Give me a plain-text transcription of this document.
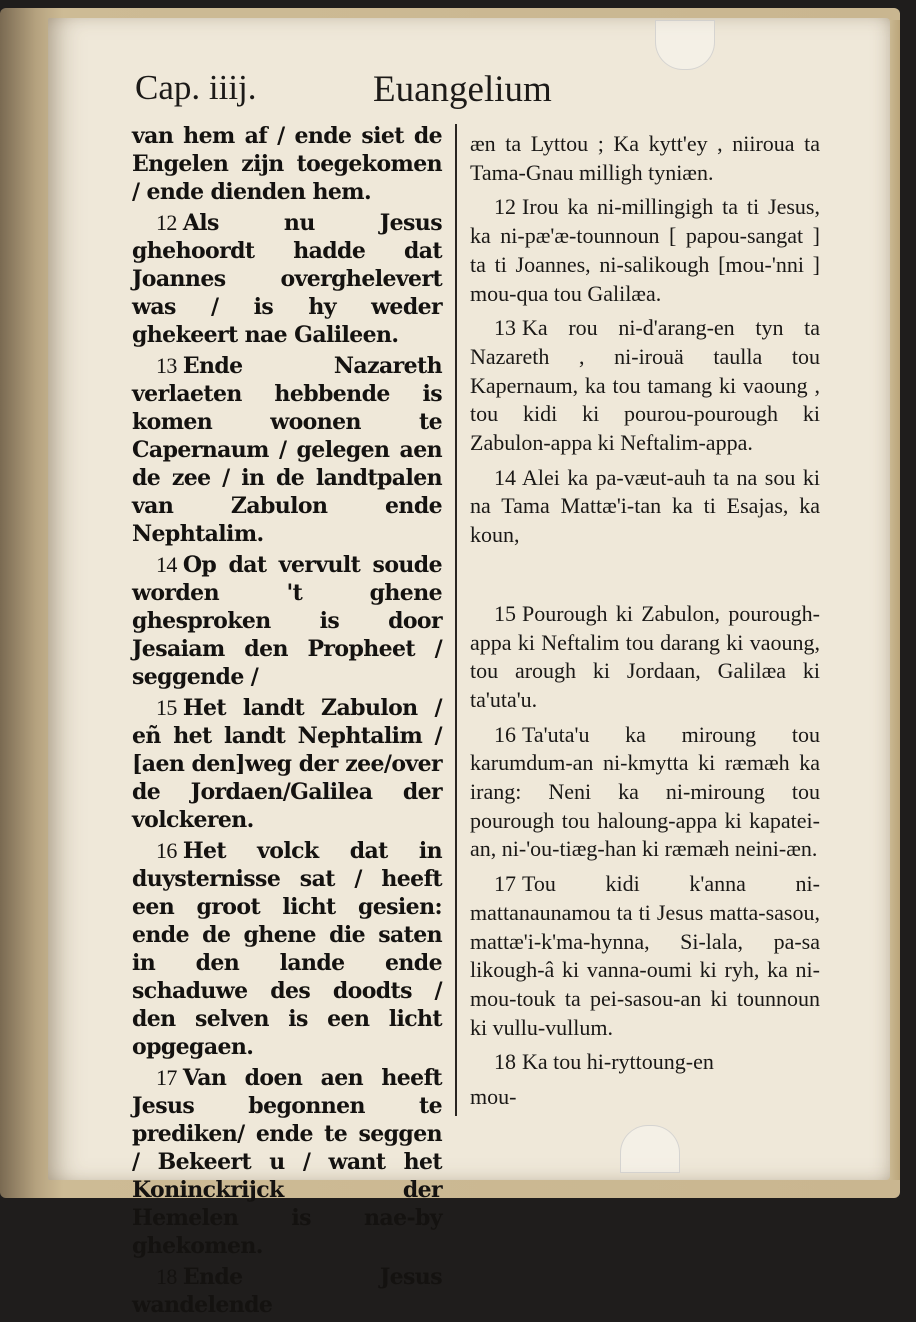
Cap. iiij.	Euangelium

van hem af / ende siet de Engelen zijn toegekomen / ende dienden hem.

12 Als nu Jesus ghehoordt hadde dat Joannes overghelevert was / is hy weder ghekeert nae Galileen.

13 Ende Nazareth verlaeten hebbende is komen woonen te Capernaum / gelegen aen de zee / in de landtpalen van Zabulon ende Nephtalim.

14 Op dat vervult soude worden 't ghene ghesproken is door Jesaiam den Propheet / seggende /

15 Het landt Zabulon / eñ het landt Nephtalim / [aen den]weg der zee/over de Jordaen/Galilea der volckeren.

16 Het volck dat in duysternisse sat / heeft een groot licht gesien: ende de ghene die saten in den lande ende schaduwe des doodts / den selven is een licht opgegaen.

17 Van doen aen heeft Jesus begonnen te prediken/ ende te seggen / Bekeert u / want het Koninckrijck der Hemelen is nae-by ghekomen.

18 Ende Jesus wandelende

æn ta Lyttou ; Ka kytt'ey , niiroua ta Tama-Gnau milligh tyniæn.

12 Irou ka ni-millingigh ta ti Jesus, ka ni-pæ'æ-tounnoun [ papou-sangat ] ta ti Joannes, ni-salikough [mou-'nni ] mou-qua tou Galilæa.

13 Ka rou ni-d'arang-en tyn ta Nazareth , ni-irouä taulla tou Kapernaum, ka tou tamang ki vaoung , tou kidi ki pourou-pourough ki Zabulon-appa ki Neftalim-appa.

14 Alei ka pa-væut-auh ta na sou ki na Tama Mattæ'i-tan ka ti Esajas, ka koun,

15 Pourough ki Zabulon, pourough-appa ki Neftalim tou darang ki vaoung, tou arough ki Jordaan, Galilæa ki ta'uta'u.

16 Ta'uta'u ka miroung tou karumdum-an ni-kmytta ki ræmæh ka irang: Neni ka ni-miroung tou pourough tou haloung-appa ki kapatei-an, ni-'ou-tiæg-han ki ræmæh neini-æn.

17 Tou kidi k'anna ni-mattanaunamou ta ti Jesus matta-sasou, mattæ'i-k'ma-hynna, Si-lala, pa-sa likough-â ki vanna-oumi ki ryh, ka ni-mou-touk ta pei-sasou-an ki tounnoun ki vullu-vullum.

18 Ka tou hi-ryttoung-en

mou-
